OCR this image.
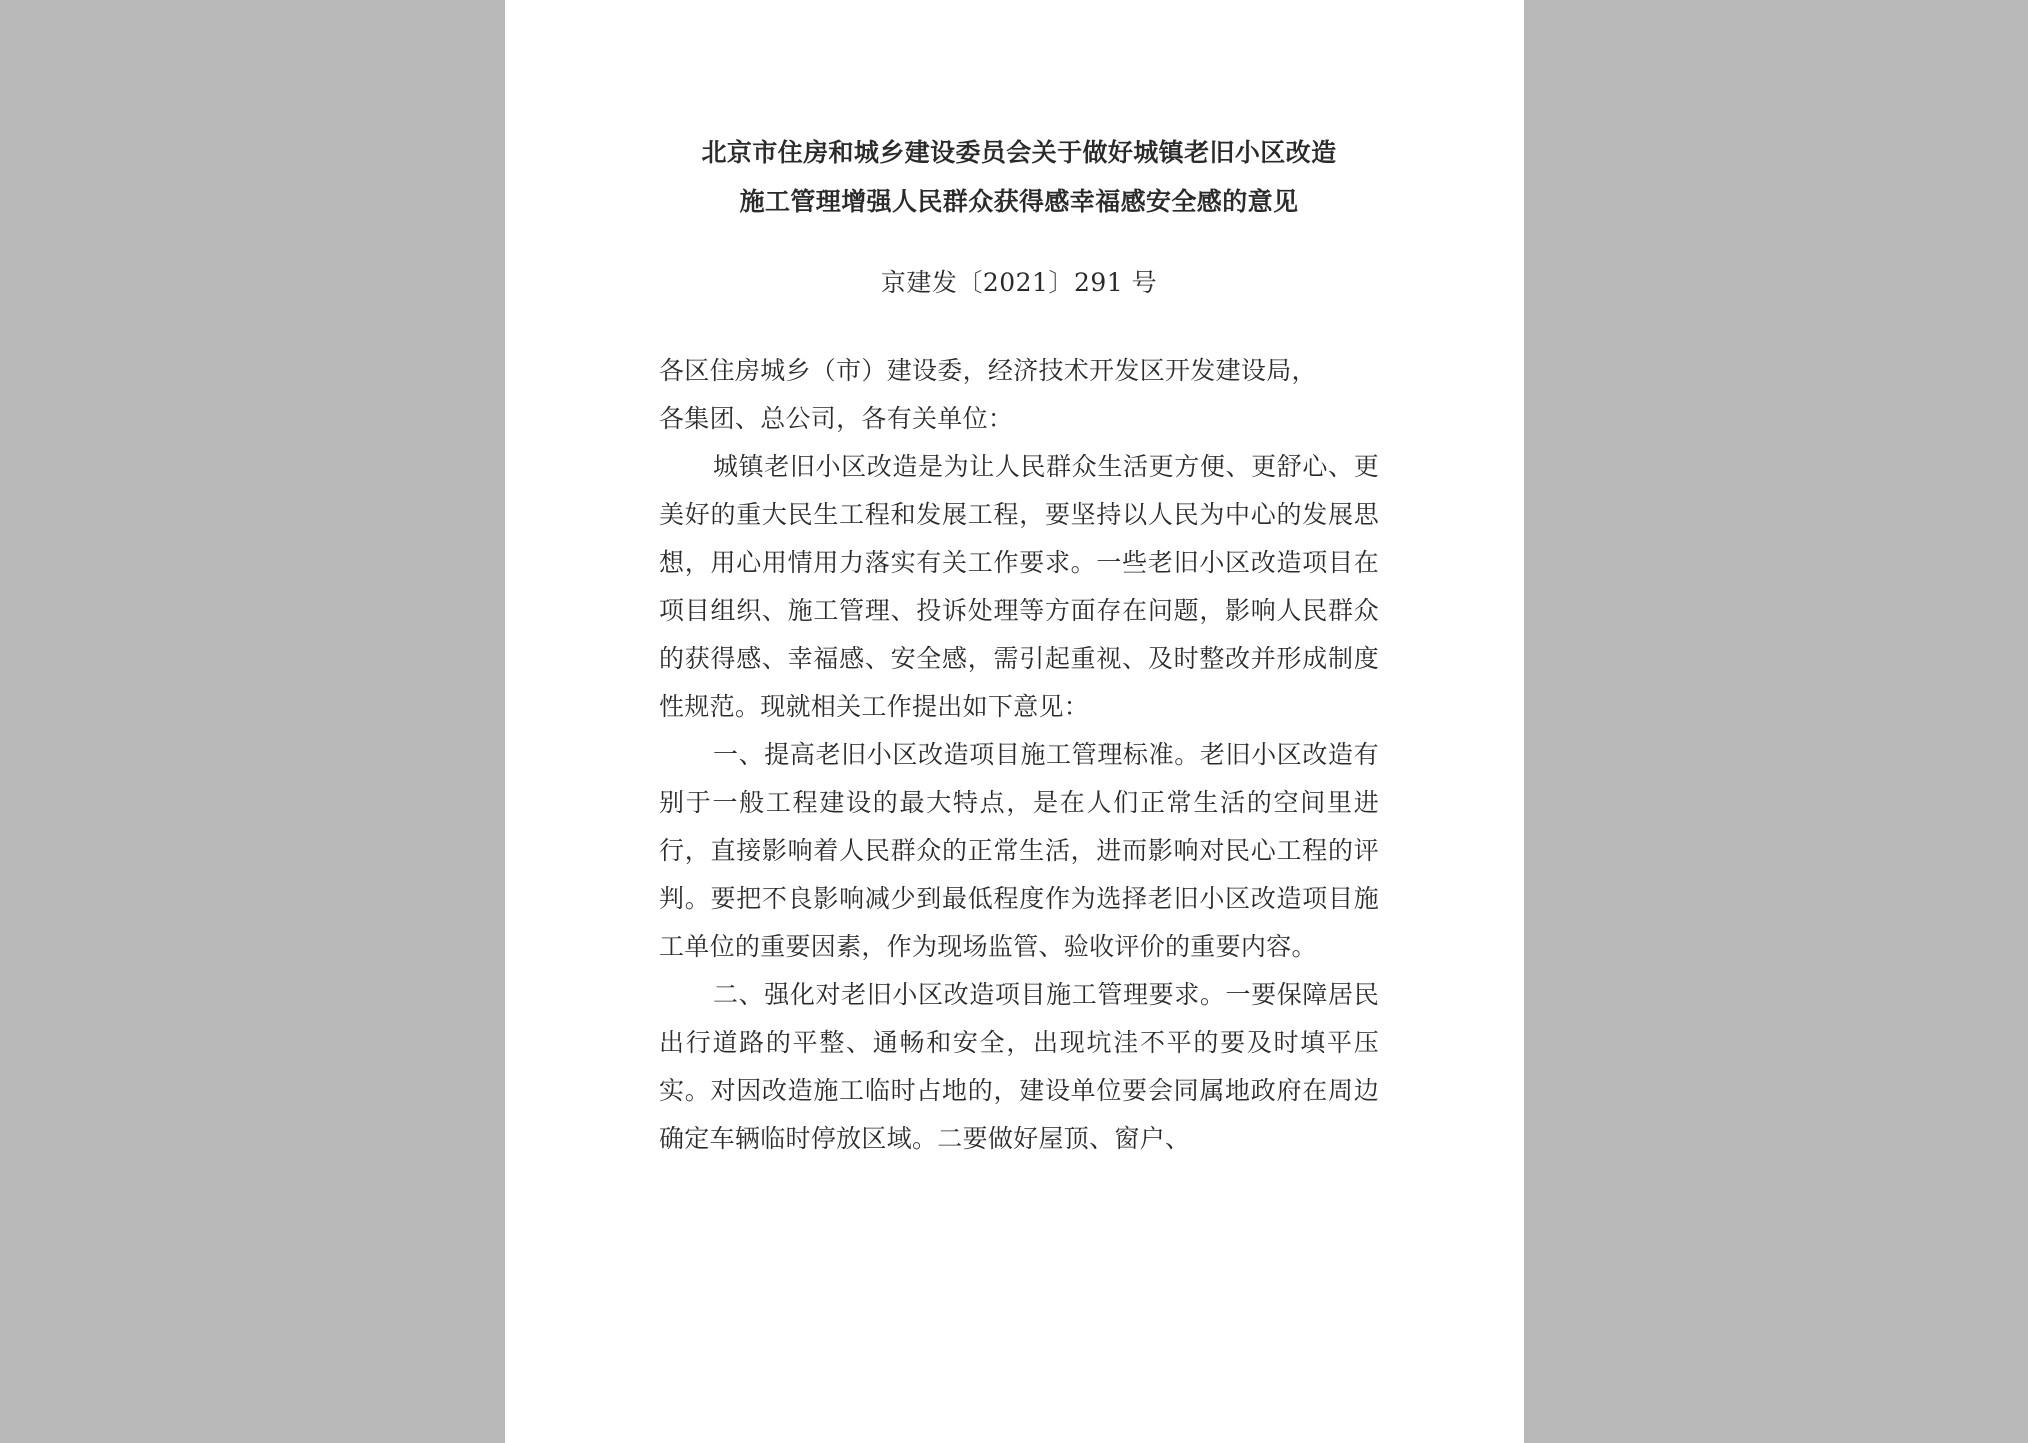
北京市住房和城乡建设委员会关于做好城镇老旧小区改造
施工管理增强人民群众获得感幸福感安全感的意见
京建发〔2021〕291 号

各区住房城乡（市）建设委，经济技术开发区开发建设局，
各集团、总公司，各有关单位：

城镇老旧小区改造是为让人民群众生活更方便、更舒心、更美好的重大民生工程和发展工程，要坚持以人民为中心的发展思想，用心用情用力落实有关工作要求。一些老旧小区改造项目在项目组织、施工管理、投诉处理等方面存在问题，影响人民群众的获得感、幸福感、安全感，需引起重视、及时整改并形成制度性规范。现就相关工作提出如下意见：

一、提高老旧小区改造项目施工管理标准。老旧小区改造有别于一般工程建设的最大特点，是在人们正常生活的空间里进行，直接影响着人民群众的正常生活，进而影响对民心工程的评判。要把不良影响减少到最低程度作为选择老旧小区改造项目施工单位的重要因素，作为现场监管、验收评价的重要内容。

二、强化对老旧小区改造项目施工管理要求。一要保障居民出行道路的平整、通畅和安全，出现坑洼不平的要及时填平压实。对因改造施工临时占地的，建设单位要会同属地政府在周边确定车辆临时停放区域。二要做好屋顶、窗户、
